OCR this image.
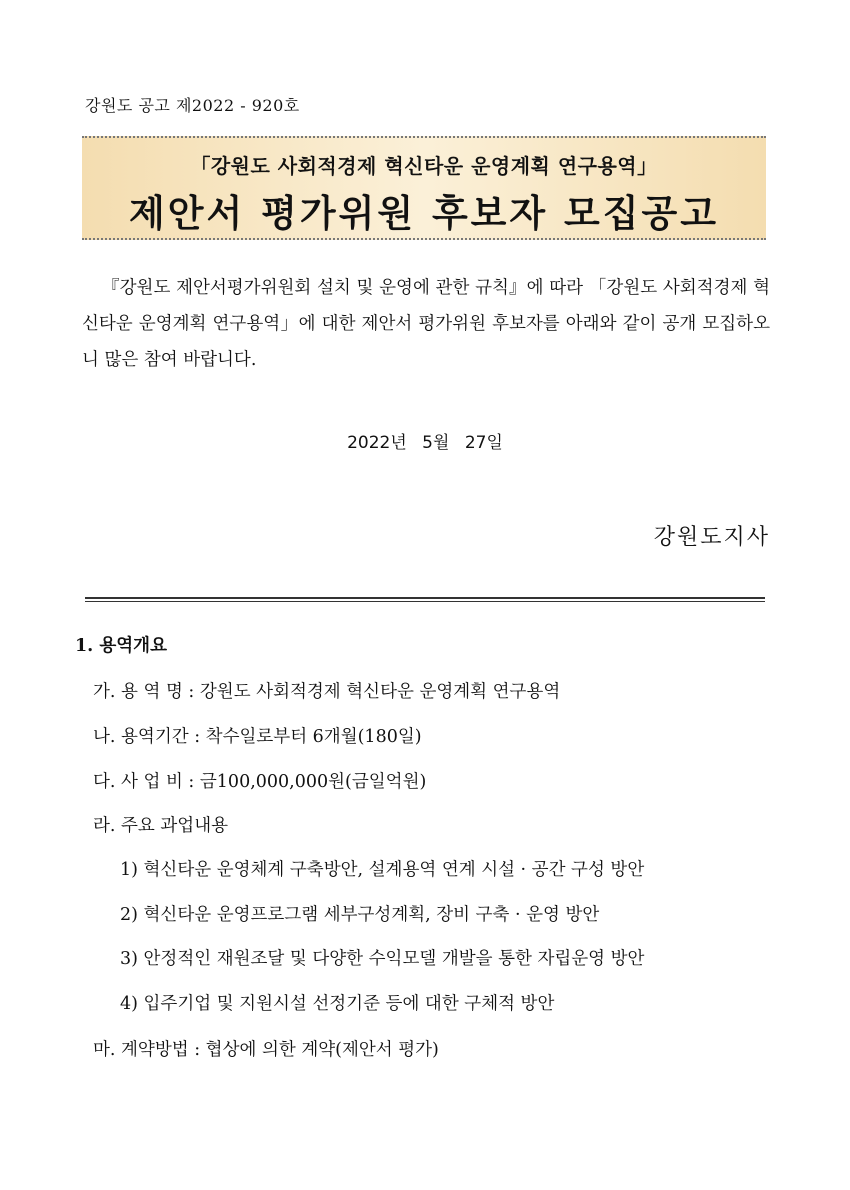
강원도 공고 제2022 - 920호
「강원도 사회적경제 혁신타운 운영계획 연구용역」
제안서 평가위원 후보자 모집공고
『강원도 제안서평가위원회 설치 및 운영에 관한 규칙』에 따라 「강원도 사회적경제 혁신타운 운영계획 연구용역」에 대한 제안서 평가위원 후보자를 아래와 같이 공개 모집하오니 많은 참여 바랍니다.
2022년 5월 27일
강원도지사
1. 용역개요
가. 용 역 명 : 강원도 사회적경제 혁신타운 운영계획 연구용역
나. 용역기간 : 착수일로부터 6개월(180일)
다. 사 업 비 : 금100,000,000원(금일억원)
라. 주요 과업내용
1) 혁신타운 운영체계 구축방안, 설계용역 연계 시설 · 공간 구성 방안
2) 혁신타운 운영프로그램 세부구성계획, 장비 구축 · 운영 방안
3) 안정적인 재원조달 및 다양한 수익모델 개발을 통한 자립운영 방안
4) 입주기업 및 지원시설 선정기준 등에 대한 구체적 방안
마. 계약방법 : 협상에 의한 계약(제안서 평가)
